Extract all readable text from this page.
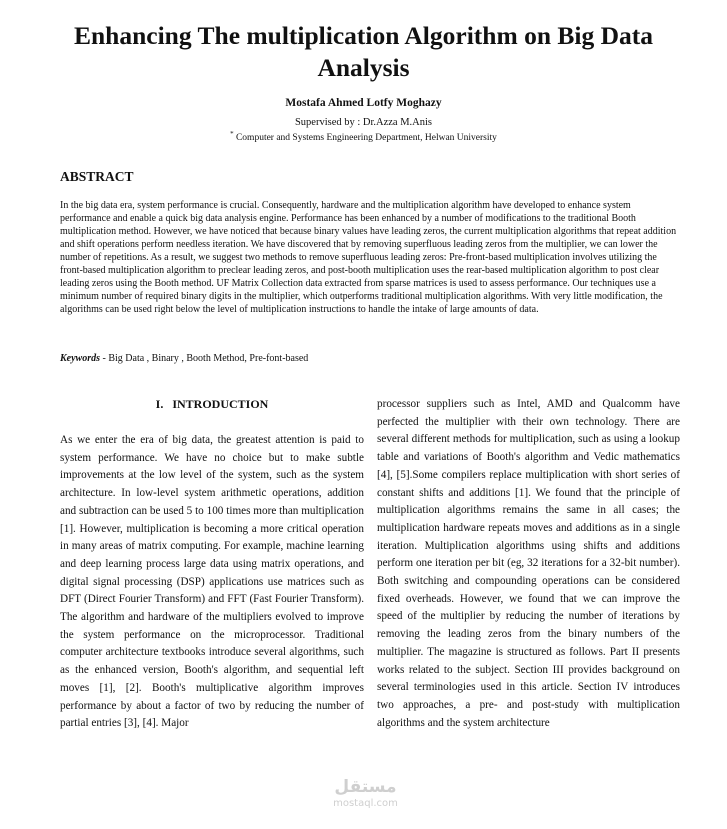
Enhancing The multiplication Algorithm on Big Data Analysis
Mostafa Ahmed Lotfy Moghazy
Supervised by : Dr.Azza M.Anis
* Computer and Systems Engineering Department, Helwan University
ABSTRACT

In the big data era, system performance is crucial. Consequently, hardware and the multiplication algorithm have developed to enhance system performance and enable a quick big data analysis engine. Performance has been enhanced by a number of modifications to the traditional Booth multiplication method. However, we have noticed that because binary values have leading zeros, the current multiplication algorithms that repeat addition and shift operations perform needless iteration. We have discovered that by removing superfluous leading zeros from the multiplier, we can lower the number of repetitions. As a result, we suggest two methods to remove superfluous leading zeros: Pre-front-based multiplication involves utilizing the front-based multiplication algorithm to preclear leading zeros, and post-booth multiplication uses the rear-based multiplication algorithm to post clear leading zeros using the Booth method. UF Matrix Collection data extracted from sparse matrices is used to assess performance. Our techniques use a minimum number of required binary digits in the multiplier, which outperforms traditional multiplication algorithms. With very little modification, the algorithms can be used right below the level of multiplication instructions to handle the intake of large amounts of data.

Keywords - Big Data , Binary , Booth Method, Pre-font-based
I.   INTRODUCTION

As we enter the era of big data, the greatest attention is paid to system performance. We have no choice but to make subtle improvements at the low level of the system, such as the system architecture. In low-level system arithmetic operations, addition and subtraction can be used 5 to 100 times more than multiplication [1]. However, multiplication is becoming a more critical operation in many areas of matrix computing. For example, machine learning and deep learning process large data using matrix operations, and digital signal processing (DSP) applications use matrices such as DFT (Direct Fourier Transform) and FFT (Fast Fourier Transform). The algorithm and hardware of the multipliers evolved to improve the system performance on the microprocessor. Traditional computer architecture textbooks introduce several algorithms, such as the enhanced version, Booth's algorithm, and sequential left moves [1], [2]. Booth's multiplicative algorithm improves performance by about a factor of two by reducing the number of partial entries [3], [4]. Major

processor suppliers such as Intel, AMD and Qualcomm have perfected the multiplier with their own technology. There are several different methods for multiplication, such as using a lookup table and variations of Booth's algorithm and Vedic mathematics [4], [5].Some compilers replace multiplication with short series of constant shifts and additions [1]. We found that the principle of multiplication algorithms remains the same in all cases; the multiplication hardware repeats moves and additions as in a single iteration. Multiplication algorithms using shifts and additions perform one iteration per bit (eg, 32 iterations for a 32-bit number). Both switching and compounding operations can be considered fixed overheads. However, we found that we can improve the speed of the multiplier by reducing the number of iterations by removing the leading zeros from the binary numbers of the multiplier. The magazine is structured as follows. Part II presents works related to the subject. Section III provides background on several terminologies used in this article. Section IV introduces two approaches, a pre- and post-study with multiplication algorithms and the system architecture

مستقل
mostaql.com
